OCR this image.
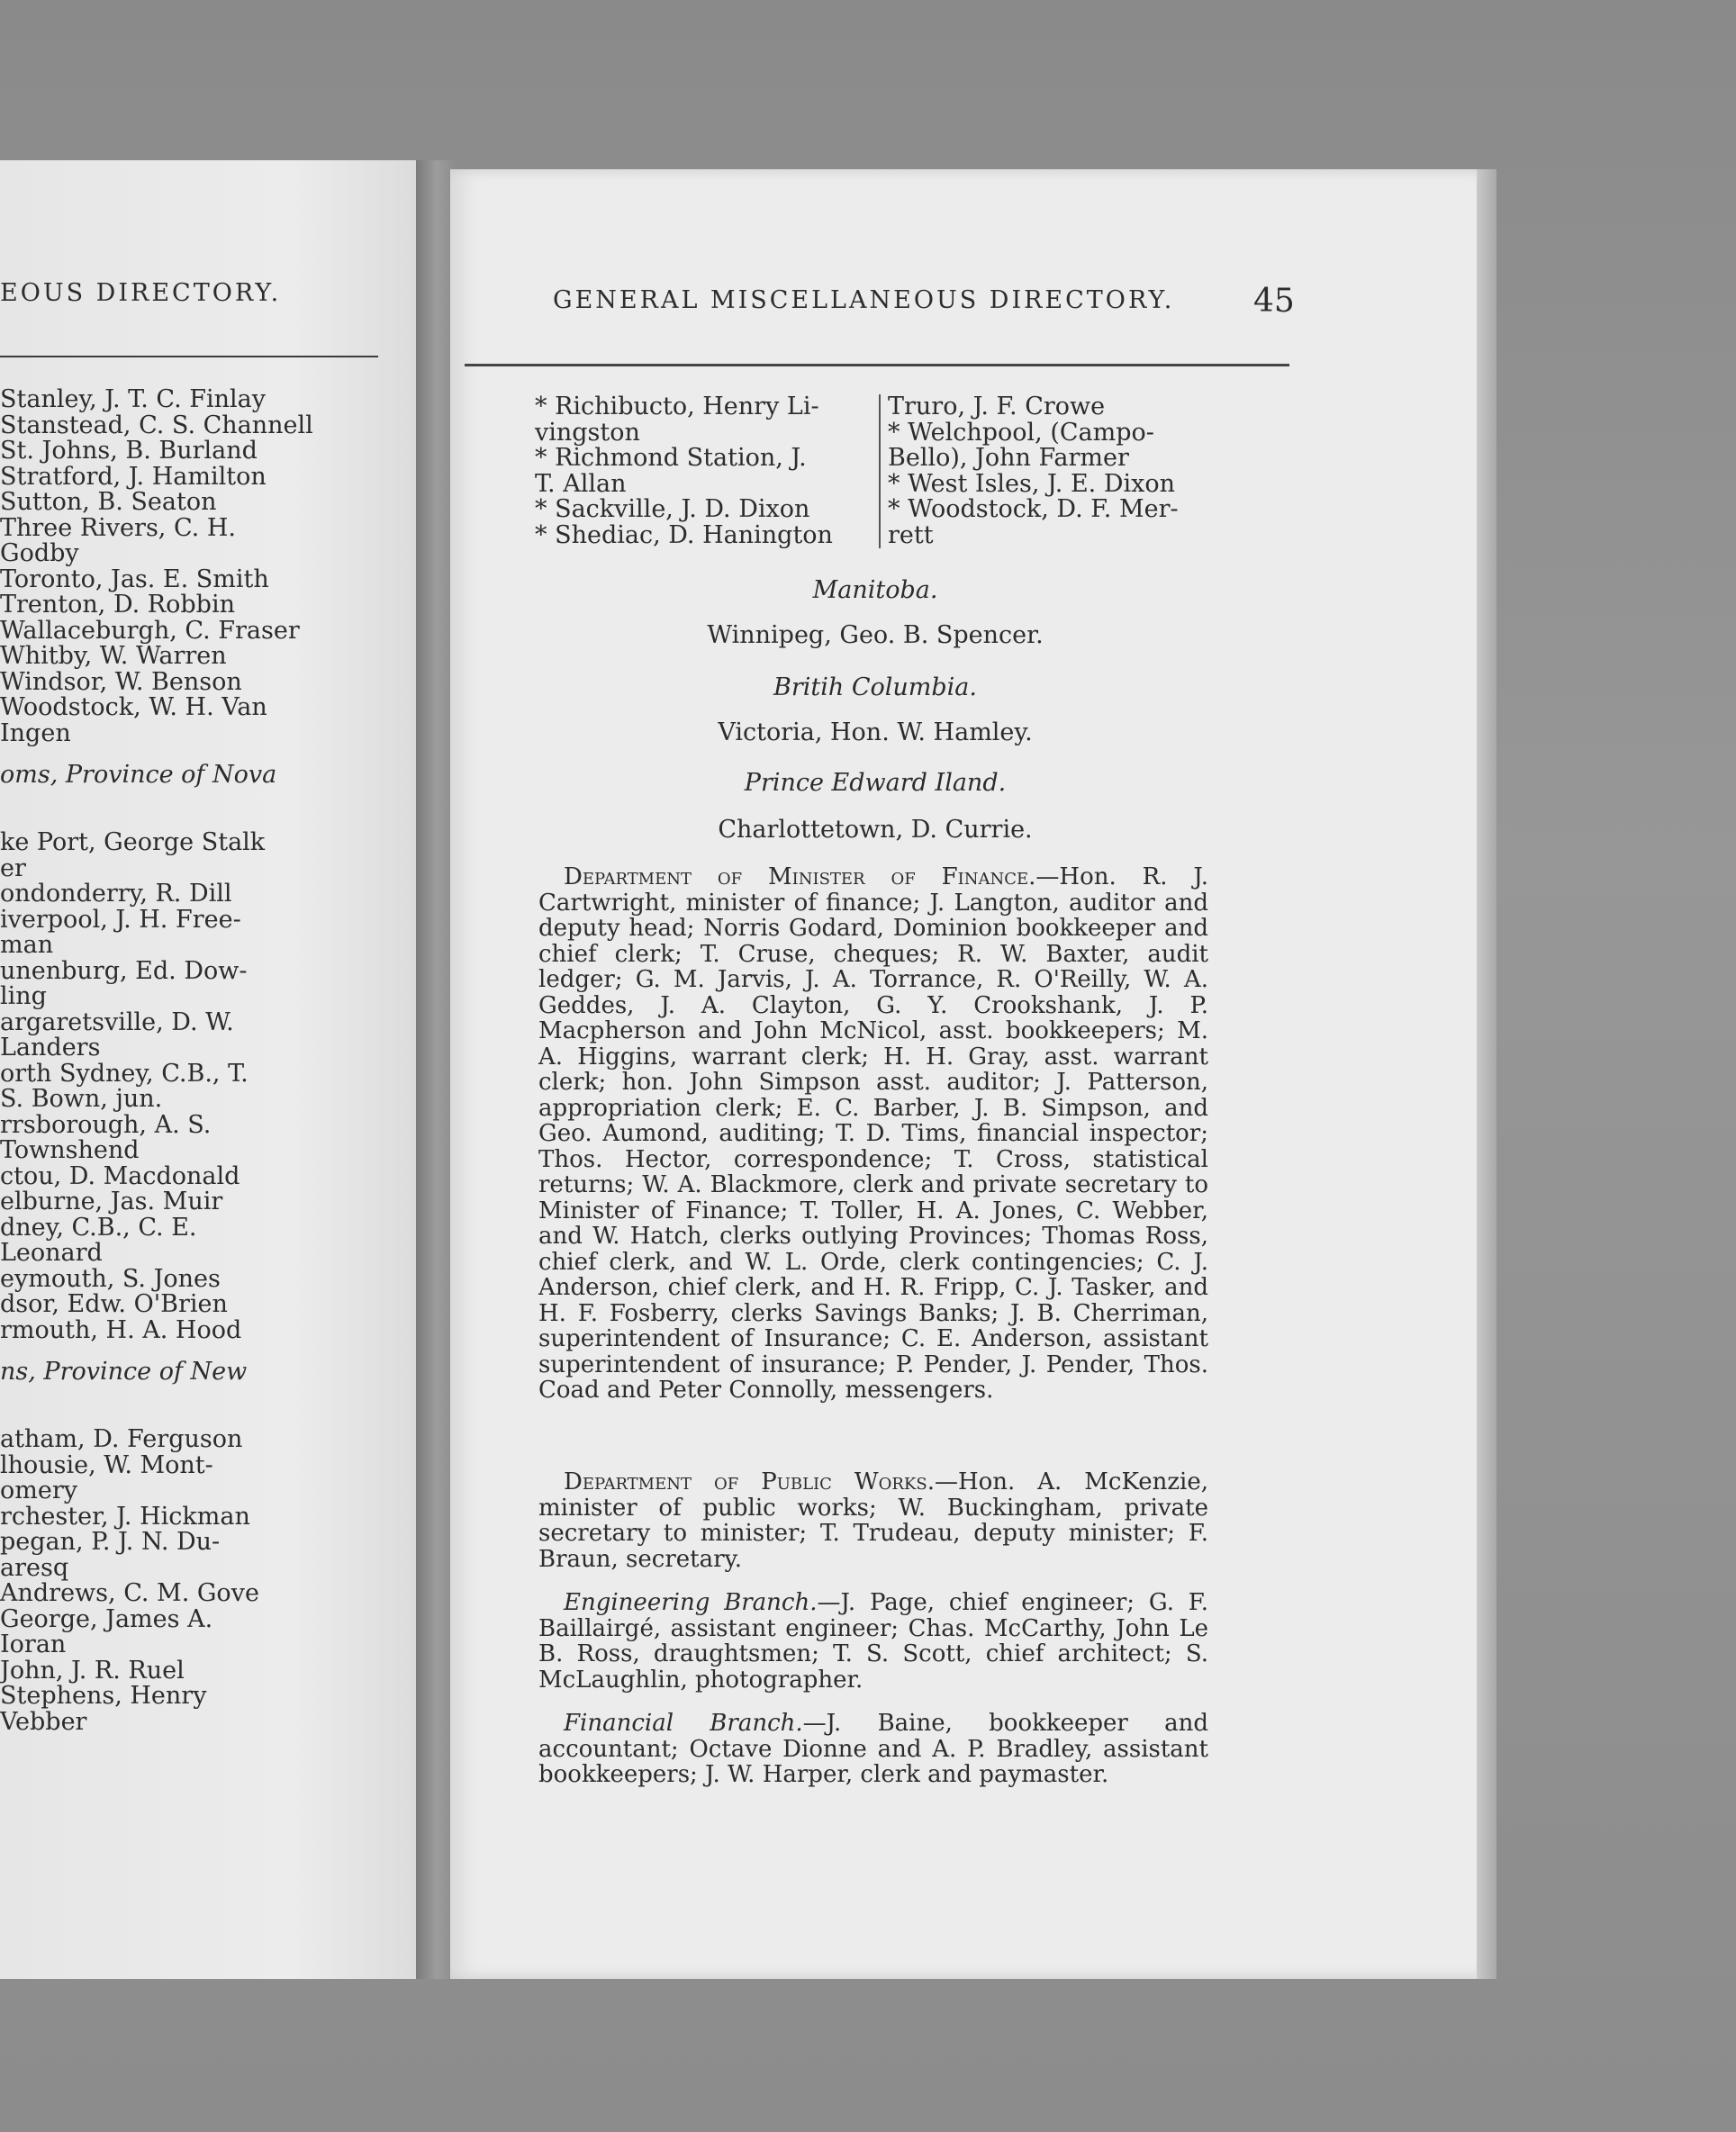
EOUS DIRECTORY.
Stanley, J. T. C. Finlay
Stanstead, C. S. Channell
St. Johns, B. Burland
Stratford, J. Hamilton
Sutton, B. Seaton
Three Rivers, C. H.
Godby
Toronto, Jas. E. Smith
Trenton, D. Robbin
Wallaceburgh, C. Fraser
Whitby, W. Warren
Windsor, W. Benson
Woodstock, W. H. Van
Ingen
oms, Province of Nova
ke Port, George Stalk
er
ondonderry, R. Dill
iverpool, J. H. Free-
man
unenburg, Ed. Dow-
ling
argaretsville, D. W.
Landers
orth Sydney, C.B., T.
S. Bown, jun.
rrsborough, A. S.
Townshend
ctou, D. Macdonald
elburne, Jas. Muir
dney, C.B., C. E.
Leonard
eymouth, S. Jones
dsor, Edw. O'Brien
rmouth, H. A. Hood
ns, Province of New
atham, D. Ferguson
lhousie, W. Mont-
omery
rchester, J. Hickman
pegan, P. J. N. Du-
aresq
Andrews, C. M. Gove
George, James A.
Ioran
John, J. R. Ruel
Stephens, Henry
Vebber
GENERAL MISCELLANEOUS DIRECTORY.	45
* Richibucto, Henry Li-
vingston
* Richmond Station, J.
T. Allan
* Sackville, J. D. Dixon
* Shediac, D. Hanington
Truro, J. F. Crowe
* Welchpool, (Campo-
Bello), John Farmer
* West Isles, J. E. Dixon
* Woodstock, D. F. Mer-
rett
Manitoba.
Winnipeg, Geo. B. Spencer.
Britih Columbia.
Victoria, Hon. W. Hamley.
Prince Edward Iland.
Charlottetown, D. Currie.
Department of Minister of Finance.—Hon. R. J. Cartwright, minister of finance; J. Langton, auditor and deputy head; Norris Godard, Dominion bookkeeper and chief clerk; T. Cruse, cheques; R. W. Baxter, audit ledger; G. M. Jarvis, J. A. Torrance, R. O'Reilly, W. A. Geddes, J. A. Clayton, G. Y. Crookshank, J. P. Macpherson and John McNicol, asst. bookkeepers; M. A. Higgins, warrant clerk; H. H. Gray, asst. warrant clerk; hon. John Simpson asst. auditor; J. Patterson, appropriation clerk; E. C. Barber, J. B. Simpson, and Geo. Aumond, auditing; T. D. Tims, financial inspector; Thos. Hector, correspondence; T. Cross, statistical returns; W. A. Blackmore, clerk and private secretary to Minister of Finance; T. Toller, H. A. Jones, C. Webber, and W. Hatch, clerks outlying Provinces; Thomas Ross, chief clerk, and W. L. Orde, clerk contingencies; C. J. Anderson, chief clerk, and H. R. Fripp, C. J. Tasker, and H. F. Fosberry, clerks Savings Banks; J. B. Cherriman, superintendent of Insurance; C. E. Anderson, assistant superintendent of insurance; P. Pender, J. Pender, Thos. Coad and Peter Connolly, messengers.
Department of Public Works.—Hon. A. McKenzie, minister of public works; W. Buckingham, private secretary to minister; T. Trudeau, deputy minister; F. Braun, secretary.
Engineering Branch.—J. Page, chief engineer; G. F. Baillairgé, assistant engineer; Chas. McCarthy, John Le B. Ross, draughtsmen; T. S. Scott, chief architect; S. McLaughlin, photographer.
Financial Branch.—J. Baine, bookkeeper and accountant; Octave Dionne and A. P. Bradley, assistant bookkeepers; J. W. Harper, clerk and paymaster.
